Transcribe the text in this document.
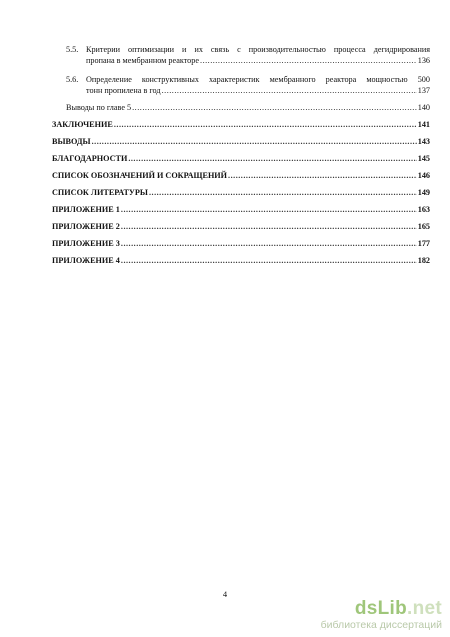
5.5. Критерии оптимизации и их связь с производительностью процесса дегидрирования
пропана в мембранном реакторе .....	136
5.6. Определение конструктивных характеристик мембранного реактора мощностью 500
тонн пропилена в год .....	137
Выводы по главе 5 .....	140
ЗАКЛЮЧЕНИЕ .....	141
ВЫВОДЫ .....	143
БЛАГОДАРНОСТИ .....	145
СПИСОК ОБОЗНАЧЕНИЙ И СОКРАЩЕНИЙ .....	146
СПИСОК ЛИТЕРАТУРЫ .....	149
ПРИЛОЖЕНИЕ 1 .....	163
ПРИЛОЖЕНИЕ 2 .....	165
ПРИЛОЖЕНИЕ 3 .....	177
ПРИЛОЖЕНИЕ 4 .....	182
4
dsLib.net
библиотека диссертаций
